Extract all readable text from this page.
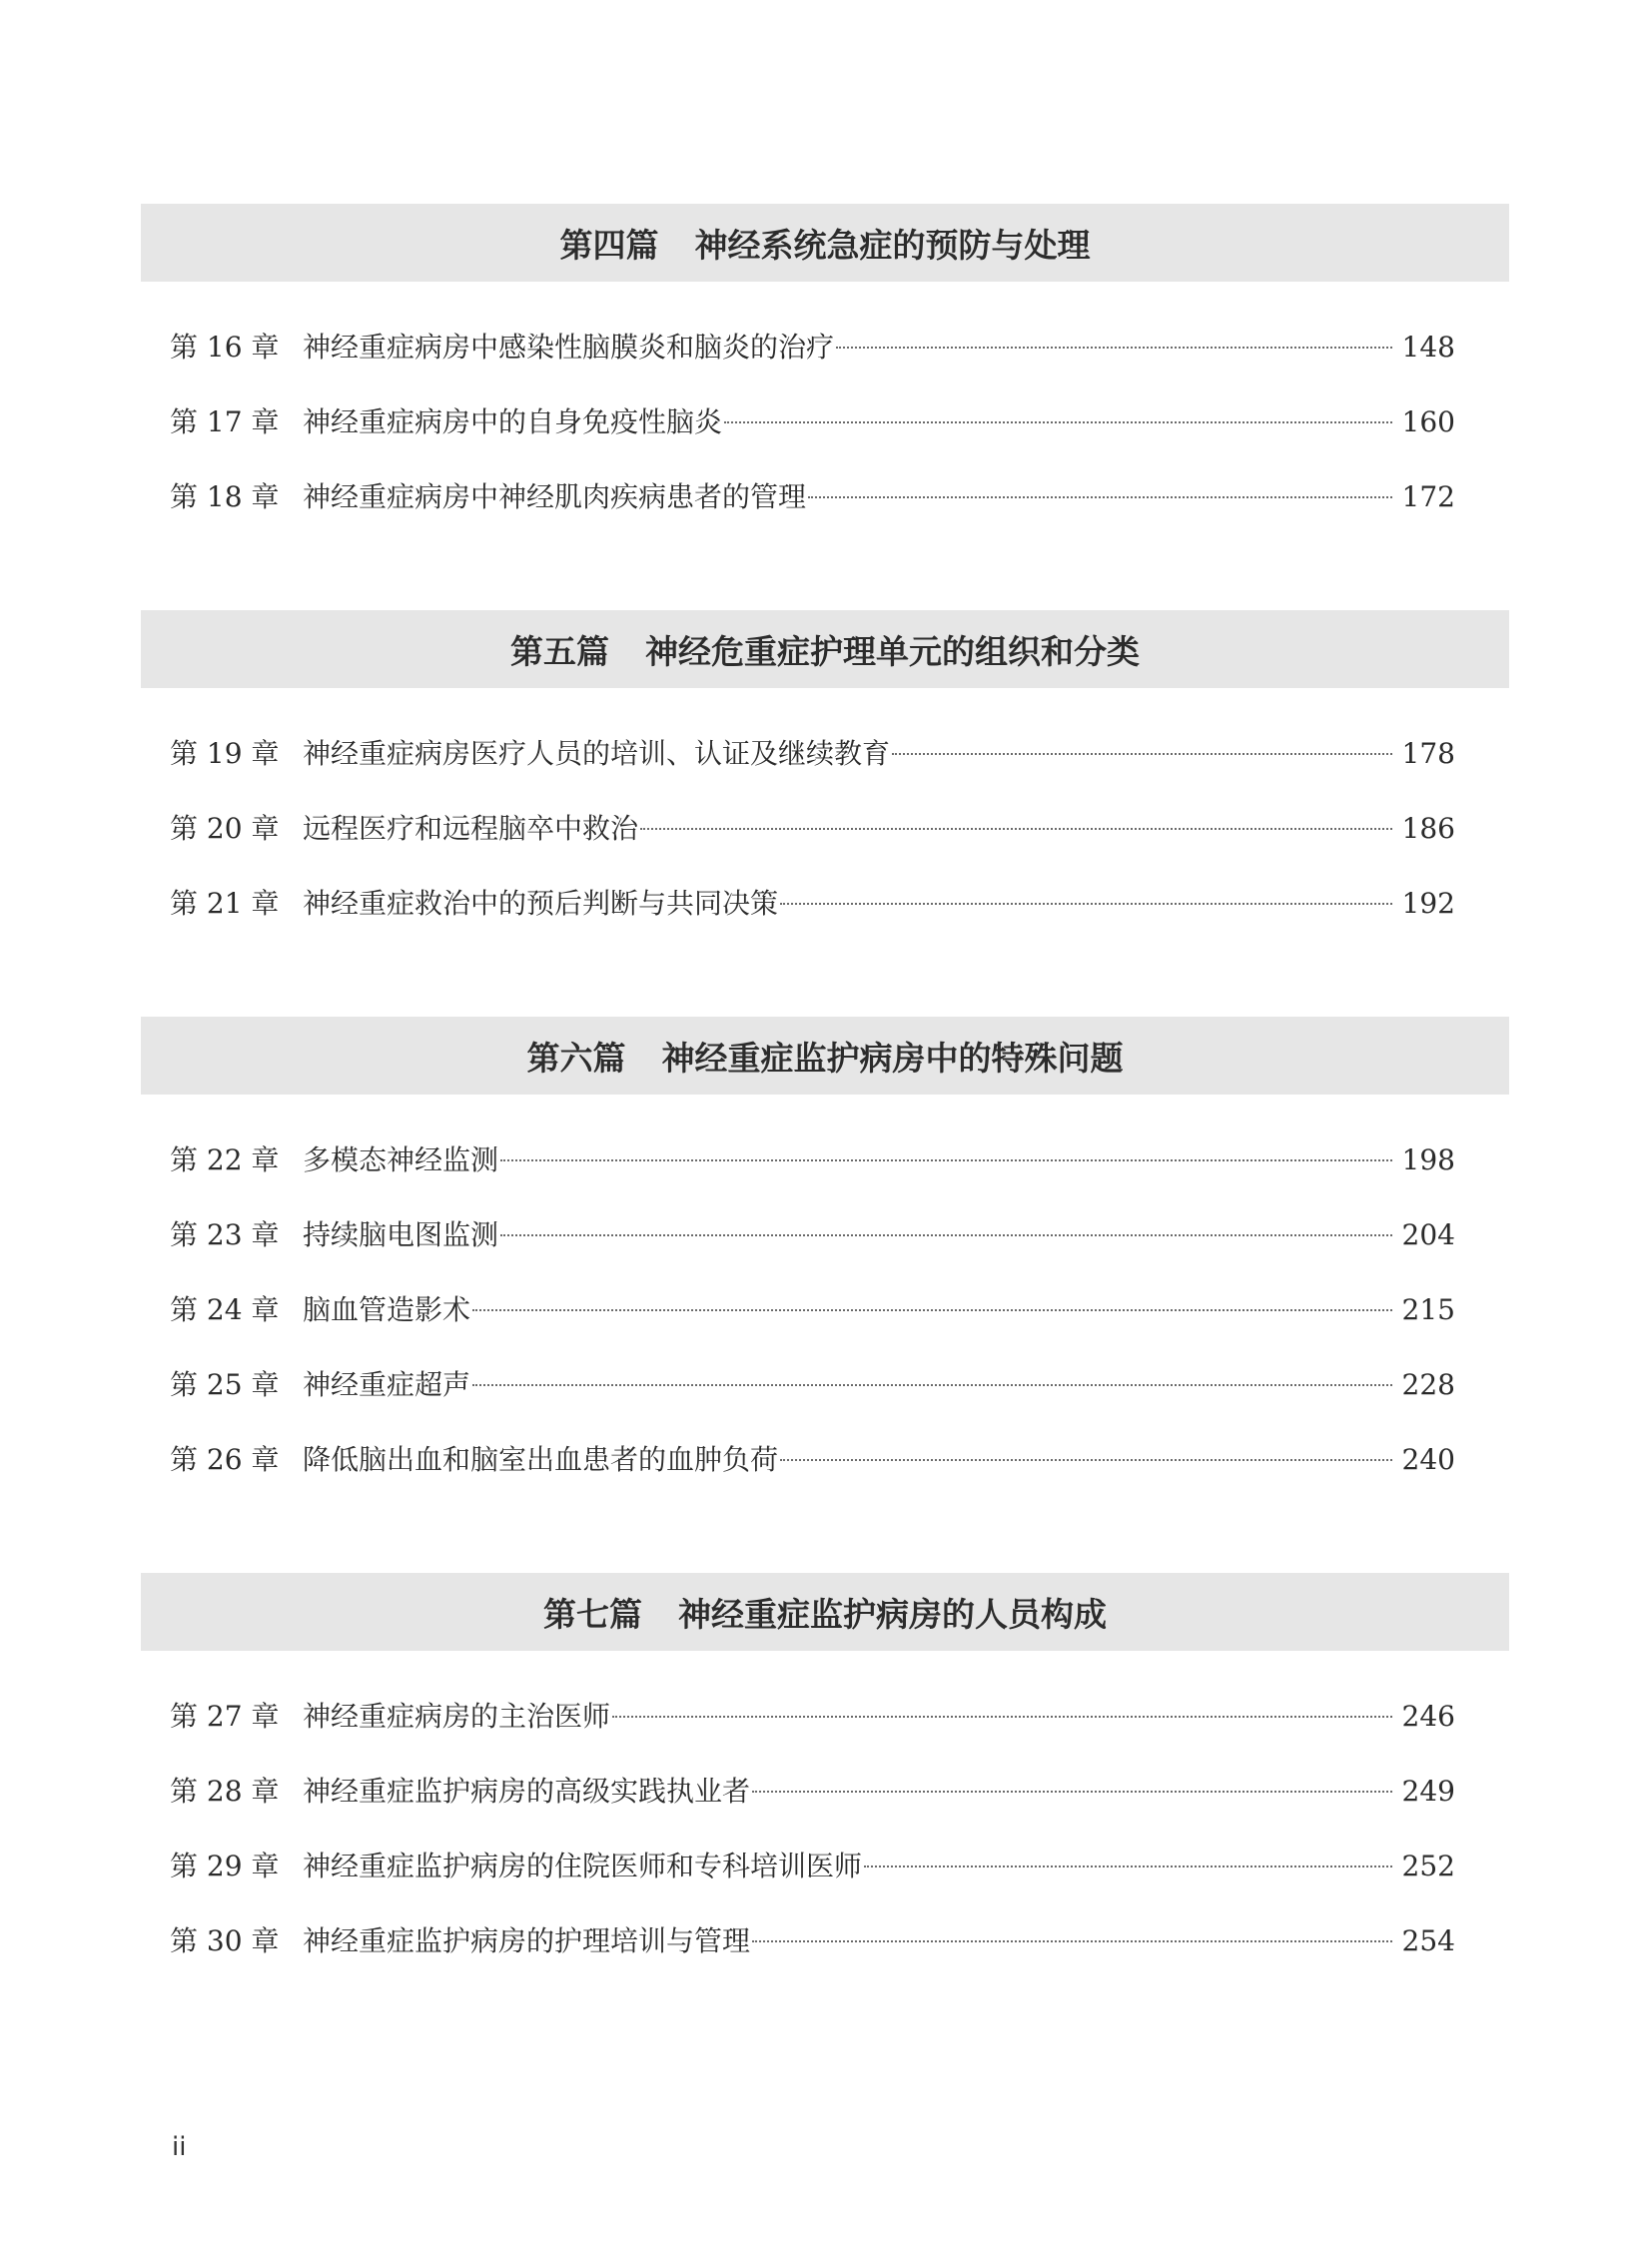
第四篇 神经系统急症的预防与处理
第 16 章 神经重症病房中感染性脑膜炎和脑炎的治疗	148
第 17 章 神经重症病房中的自身免疫性脑炎	160
第 18 章 神经重症病房中神经肌肉疾病患者的管理	172
第五篇 神经危重症护理单元的组织和分类
第 19 章 神经重症病房医疗人员的培训、认证及继续教育	178
第 20 章 远程医疗和远程脑卒中救治	186
第 21 章 神经重症救治中的预后判断与共同决策	192
第六篇 神经重症监护病房中的特殊问题
第 22 章 多模态神经监测	198
第 23 章 持续脑电图监测	204
第 24 章 脑血管造影术	215
第 25 章 神经重症超声	228
第 26 章 降低脑出血和脑室出血患者的血肿负荷	240
第七篇 神经重症监护病房的人员构成
第 27 章 神经重症病房的主治医师	246
第 28 章 神经重症监护病房的高级实践执业者	249
第 29 章 神经重症监护病房的住院医师和专科培训医师	252
第 30 章 神经重症监护病房的护理培训与管理	254
ii
